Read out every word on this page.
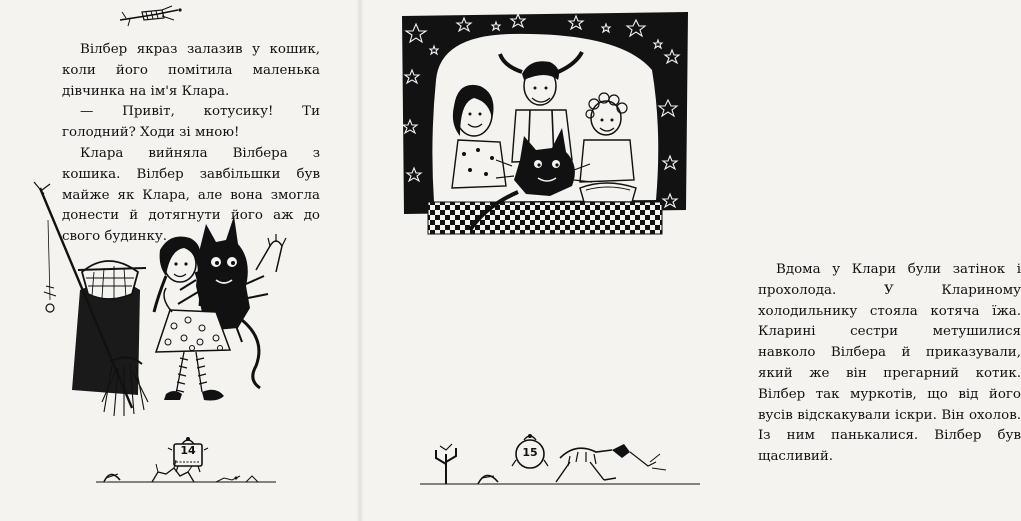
Вілбер якраз залазив у кошик, коли його помітила маленька дівчинка на ім'я Клара.

— Привіт, котусику! Ти голодний? Ходи зі мною!

Клара вийняла Вілбера з кошика. Вілбер завбільшки був майже як Клара, але вона змогла донести й дотягнути його аж до свого будинку.

14

Вдома у Клари були затінок і прохолода. У Клариному холодильнику стояла котяча їжа. Кларині сестри метушилися навколо Вілбера й приказували, який же він прегарний котик. Вілбер так муркотів, що від його вусів відскакували іскри. Він охолов. Із ним панькалися. Вілбер був щасливий.

15
